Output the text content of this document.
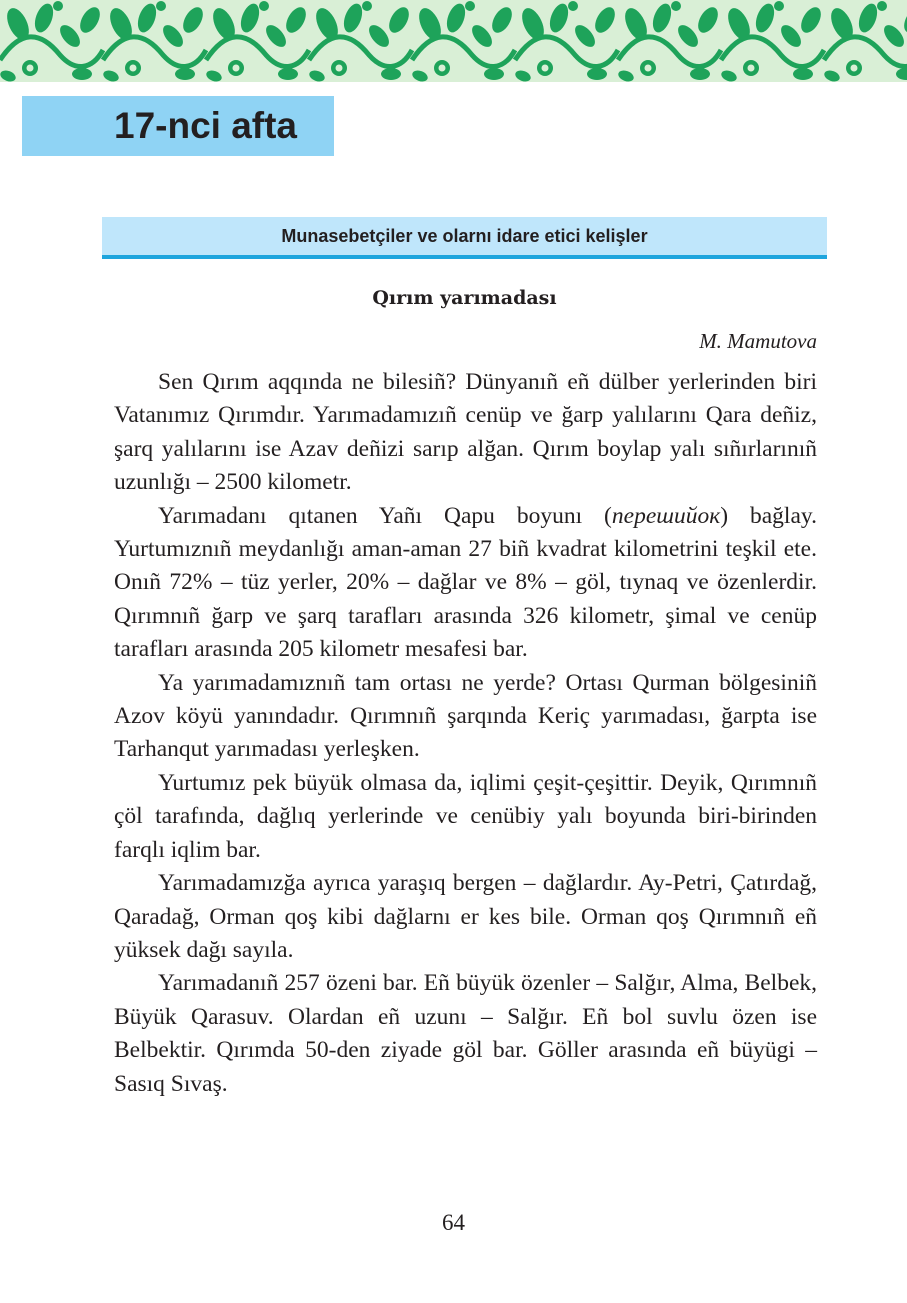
17-nci afta
Munasebetçiler ve olarnı idare etici kelişler
Qırım yarımadası
M. Mamutova

Sen Qırım aqqında ne bilesiñ? Dünyanıñ eñ dülber yerlerinden biri Vatanımız Qırımdır. Yarımadamızıñ cenüp ve ğarp yalılarını Qara deñiz, şarq yalılarını ise Azav deñizi sarıp alğan. Qırım boylap yalı sıñırlarınıñ uzunlığı – 2500 kilometr.

Yarımadanı qıtanen Yañı Qapu boyunı (перешийок) bağlay. Yurtumıznıñ meydanlığı aman-aman 27 biñ kvadrat kilometrini teşkil ete. Onıñ 72% – tüz yerler, 20% – dağlar ve 8% – göl, tıynaq ve özenlerdir. Qırımnıñ ğarp ve şarq tarafları arasında 326 kilometr, şimal ve cenüp tarafları arasında 205 kilometr mesafesi bar.

Ya yarımadamıznıñ tam ortası ne yerde? Ortası Qurman bölgesiniñ Azov köyü yanındadır. Qırımnıñ şarqında Keriç yarımadası, ğarpta ise Tarhanqut yarımadası yerleşken.

Yurtumız pek büyük olmasa da, iqlimi çeşit-çeşittir. Deyik, Qırımnıñ çöl tarafında, dağlıq yerlerinde ve cenübiy yalı boyunda biri-birinden farqlı iqlim bar.

Yarımadamızğa ayrıca yaraşıq bergen – dağlardır. Ay-Petri, Çatırdağ, Qaradağ, Orman qoş kibi dağlarnı er kes bile. Orman qoş Qırımnıñ eñ yüksek dağı sayıla.

Yarımadanıñ 257 özeni bar. Eñ büyük özenler – Salğır, Alma, Belbek, Büyük Qarasuv. Olardan eñ uzunı – Salğır. Eñ bol suvlu özen ise Belbektir. Qırımda 50-den ziyade göl bar. Göller arasında eñ büyügi – Sasıq Sıvaş.

64
